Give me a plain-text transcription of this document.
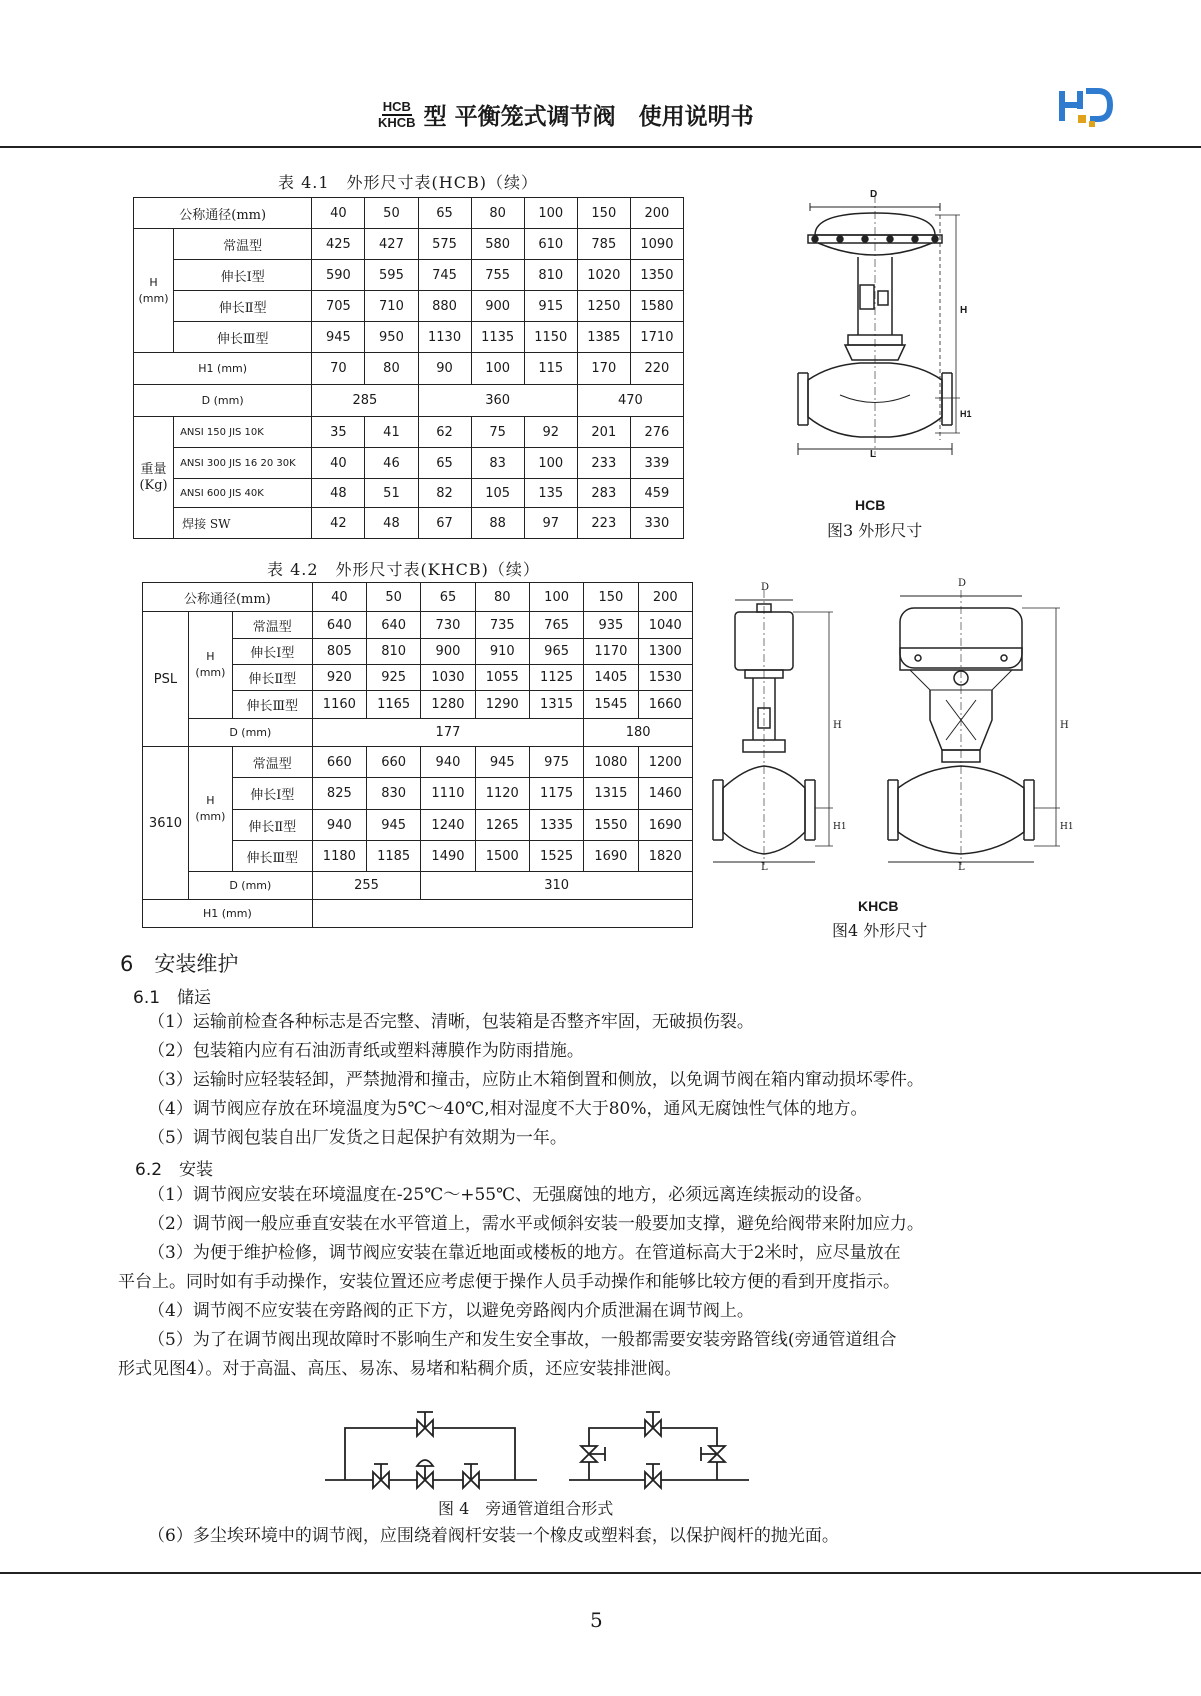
$\frac{\text{HCB}}{\text{KHCB}}$ 型 平衡笼式调节阀　使用说明书
表 4.1　外形尺寸表(HCB)（续）
公称通径(mm)		40	50	65	80	100	150	200
H
(mm)	常温型	425	427	575	580	610	785	1090
	伸长I型	590	595	745	755	810	1020	1350
	伸长Ⅱ型	705	710	880	900	915	1250	1580
	伸长Ⅲ型	945	950	1130	1135	1150	1385	1710
H1 (mm)		70	80	90	100	115	170	220
D (mm)		285		360			470	
重量
(Kg)	ANSI 150 JIS 10K	35	41	62	75	92	201	276
	ANSI 300 JIS 16 20 30K	40	46	65	83	100	233	339
	ANSI 600 JIS 40K	48	51	82	105	135	283	459
	焊接 SW	42	48	67	88	97	223	330
D
H
H1
L
HCB
图3 外形尺寸
表 4.2　外形尺寸表(KHCB)（续）
公称通径(mm)			40	50	65	80	100	150	200
PSL	H
(mm)	常温型	640	640	730	735	765	935	1040
		伸长I型	805	810	900	910	965	1170	1300
		伸长Ⅱ型	920	925	1030	1055	1125	1405	1530
		伸长Ⅲ型	1160	1165	1280	1290	1315	1545	1660
	D (mm)		177					180	
3610	H
(mm)	常温型	660	660	940	945	975	1080	1200
		伸长I型	825	830	1110	1120	1175	1315	1460
		伸长Ⅱ型	940	945	1240	1265	1335	1550	1690
		伸长Ⅲ型	1180	1185	1490	1500	1525	1690	1820
	D (mm)		255		310				
H1 (mm)									
D
H
H1
L
D
H
H1
L
KHCB
图4 外形尺寸
6　安装维护
6.1　储运
（1）运输前检查各种标志是否完整、清晰，包装箱是否整齐牢固，无破损伤裂。
（2）包装箱内应有石油沥青纸或塑料薄膜作为防雨措施。
（3）运输时应轻装轻卸，严禁抛滑和撞击，应防止木箱倒置和侧放，以免调节阀在箱内窜动损坏零件。
（4）调节阀应存放在环境温度为5℃～40℃,相对湿度不大于80%，通风无腐蚀性气体的地方。
（5）调节阀包装自出厂发货之日起保护有效期为一年。
6.2　安装
（1）调节阀应安装在环境温度在-25℃～+55℃、无强腐蚀的地方，必须远离连续振动的设备。
（2）调节阀一般应垂直安装在水平管道上，需水平或倾斜安装一般要加支撑，避免给阀带来附加应力。
（3）为便于维护检修，调节阀应安装在靠近地面或楼板的地方。在管道标高大于2米时，应尽量放在
平台上。同时如有手动操作，安装位置还应考虑便于操作人员手动操作和能够比较方便的看到开度指示。
（4）调节阀不应安装在旁路阀的正下方，以避免旁路阀内介质泄漏在调节阀上。
（5）为了在调节阀出现故障时不影响生产和发生安全事故，一般都需要安装旁路管线(旁通管道组合
形式见图4）。对于高温、高压、易冻、易堵和粘稠介质，还应安装排泄阀。
图 4　旁通管道组合形式
（6）多尘埃环境中的调节阀，应围绕着阀杆安装一个橡皮或塑料套，以保护阀杆的抛光面。
5
